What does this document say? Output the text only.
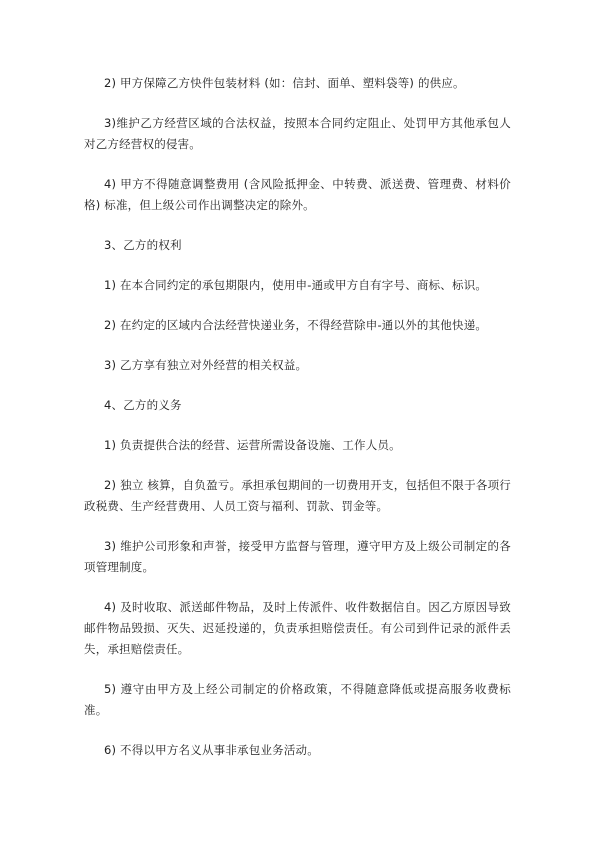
2) 甲方保障乙方快件包装材料 (如：信封、面单、塑料袋等) 的供应。

3)维护乙方经营区域的合法权益，按照本合同约定阻止、处罚甲方其他承包人对乙方经营权的侵害。

4) 甲方不得随意调整费用 (含风险抵押金、中转费、派送费、管理费、材料价格) 标准，但上级公司作出调整决定的除外。

3、乙方的权利

1) 在本合同约定的承包期限内，使用申-通或甲方自有字号、商标、标识。

2) 在约定的区域内合法经营快递业务，不得经营除申-通以外的其他快递。

3) 乙方享有独立对外经营的相关权益。

4、乙方的义务

1) 负责提供合法的经营、运营所需设备设施、工作人员。

2) 独立 核算，自负盈亏。承担承包期间的一切费用开支，包括但不限于各项行政税费、生产经营费用、人员工资与福利、罚款、罚金等。

3) 维护公司形象和声誉，接受甲方监督与管理，遵守甲方及上级公司制定的各项管理制度。

4) 及时收取、派送邮件物品，及时上传派件、收件数据信自。因乙方原因导致邮件物品毁损、灭失、迟延投递的，负责承担赔偿责任。有公司到件记录的派件丢失，承担赔偿责任。

5) 遵守由甲方及上经公司制定的价格政策，不得随意降低或提高服务收费标准。

6) 不得以甲方名义从事非承包业务活动。
